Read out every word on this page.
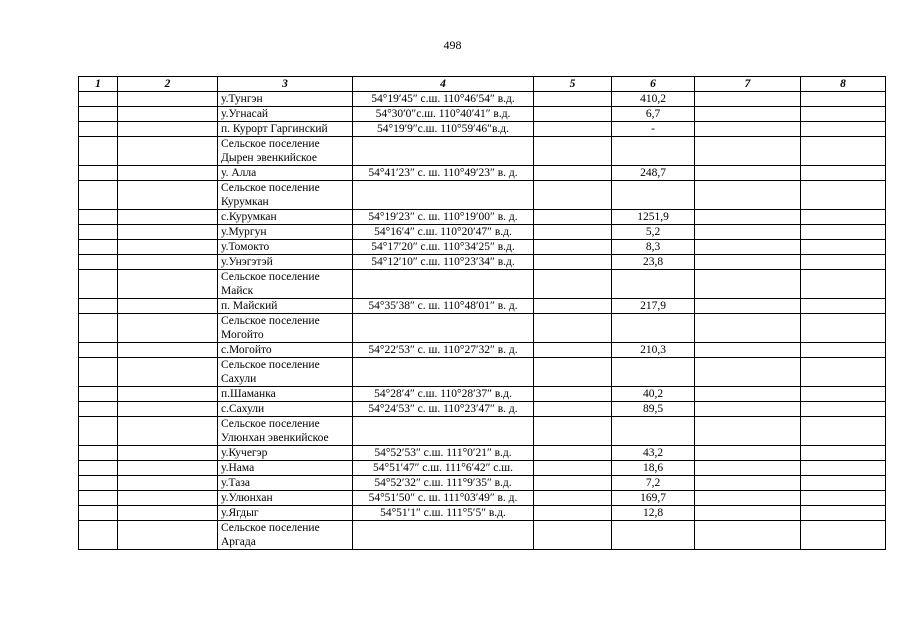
498
1	2	3	4	5	6	7	8
		у.Тунгэн	54°19′45″ с.ш. 110°46′54″ в.д.		410,2		
		у.Угнасай	54°30′0″с.ш. 110°40′41″ в.д.		6,7		
		п. Курорт Гаргинский	54°19′9″с.ш. 110°59′46″в.д.		-		
		Сельское поселение Дырен эвенкийское					
		у. Алла	54°41′23″ с. ш. 110°49′23″ в. д.		248,7		
		Сельское поселение Курумкан					
		с.Курумкан	54°19′23″ с. ш. 110°19′00″ в. д.		1251,9		
		у.Мургун	54°16′4″ с.ш. 110°20′47″ в.д.		5,2		
		у.Томокто	54°17′20″ с.ш. 110°34′25″ в.д.		8,3		
		у.Унэгэтэй	54°12′10″ с.ш. 110°23′34″ в.д.		23,8		
		Сельское поселение Майск					
		п. Майский	54°35′38″ с. ш. 110°48′01″ в. д.		217,9		
		Сельское поселение Могойто					
		с.Могойто	54°22′53″ с. ш. 110°27′32″ в. д.		210,3		
		Сельское поселение Сахули					
		п.Шаманка	54°28′4″ с.ш. 110°28′37″ в.д.		40,2		
		с.Сахули	54°24′53″ с. ш. 110°23′47″ в. д.		89,5		
		Сельское поселение Улюнхан эвенкийское					
		у.Кучегэр	54°52′53″ с.ш. 111°0′21″ в.д.		43,2		
		у.Нама	54°51′47″ с.ш. 111°6′42″ с.ш.		18,6		
		у.Таза	54°52′32″ с.ш. 111°9′35″ в.д.		7,2		
		у.Улюнхан	54°51′50″ с. ш. 111°03′49″ в. д.		169,7		
		у.Ягдыг	54°51′1″ с.ш. 111°5′5″ в.д.		12,8		
		Сельское поселение Аргада					
